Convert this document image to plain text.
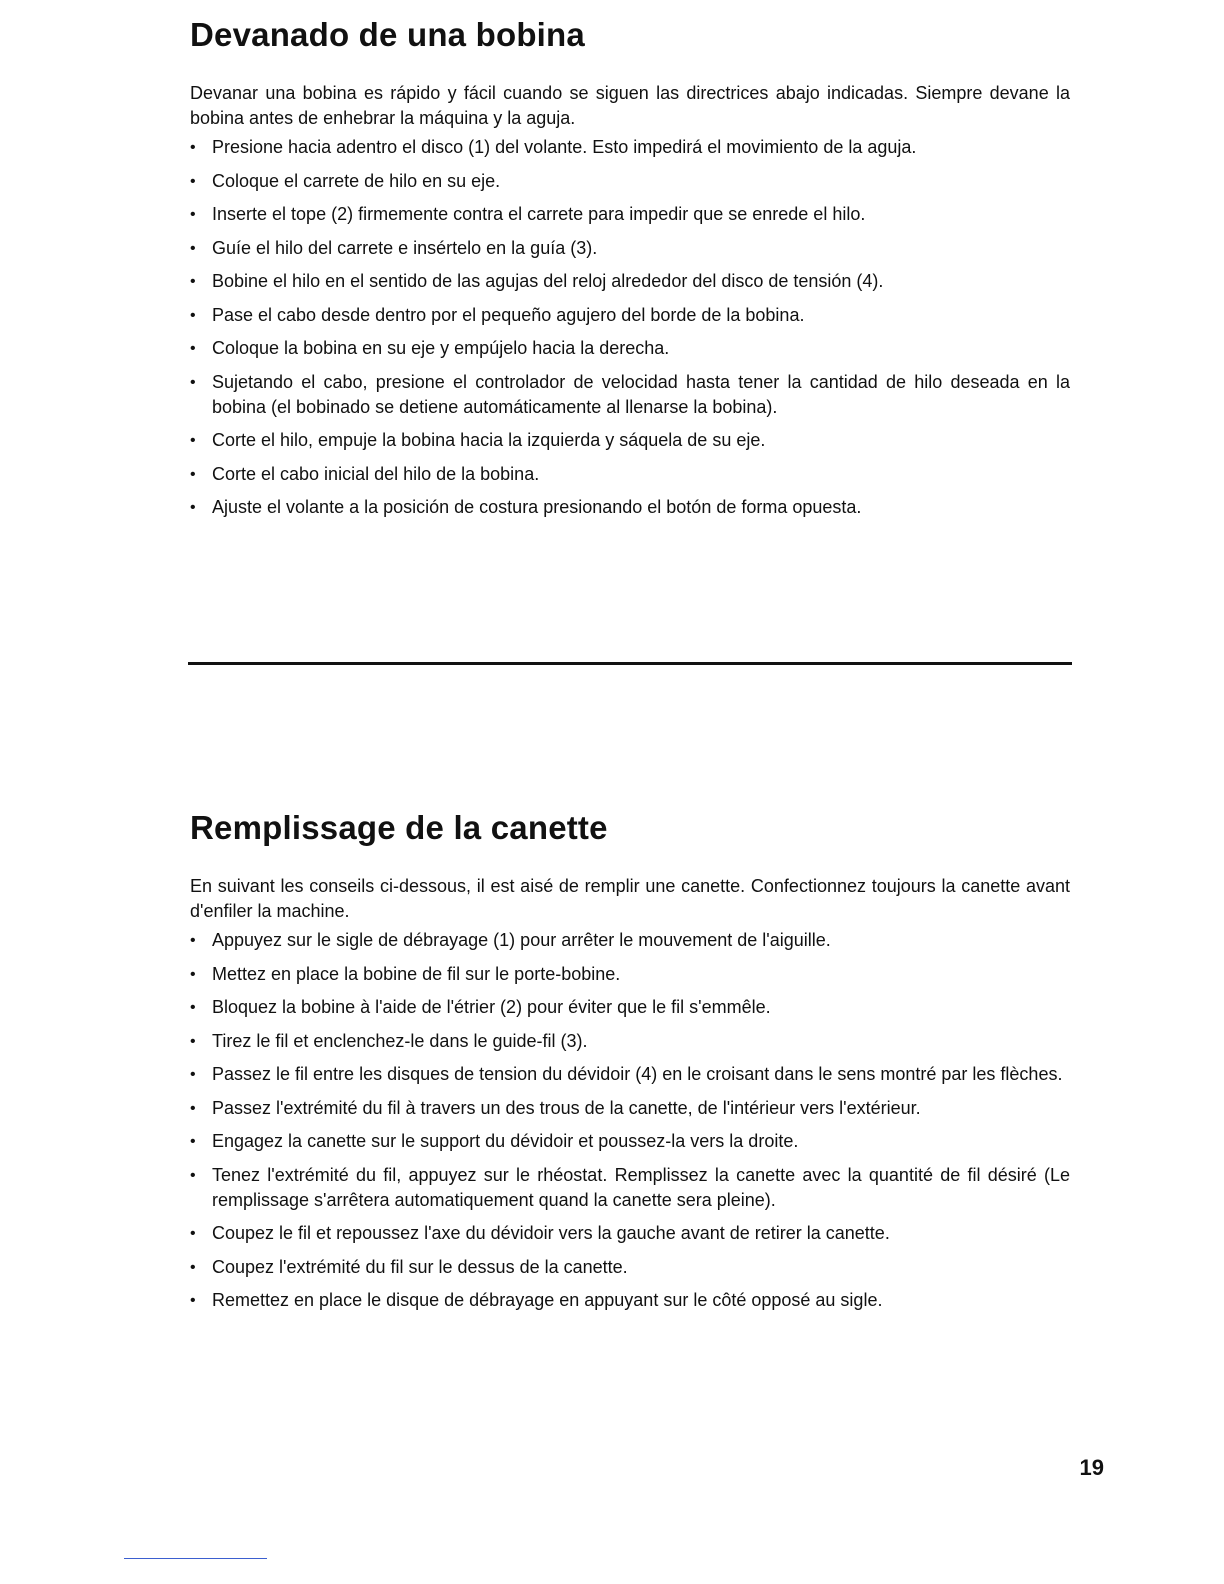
Devanado de una bobina

Devanar una bobina es rápido y fácil cuando se siguen las directrices abajo indicadas. Siempre devane la bobina antes de enhebrar la máquina y la aguja.

• Presione hacia adentro el disco (1) del volante. Esto impedirá el movimiento de la aguja.
• Coloque el carrete de hilo en su eje.
• Inserte el tope (2) firmemente contra el carrete para impedir que se enrede el hilo.
• Guíe el hilo del carrete e insértelo en la guía (3).
• Bobine el hilo en el sentido de las agujas del reloj alrededor del disco de tensión (4).
• Pase el cabo desde dentro por el pequeño agujero del borde de la bobina.
• Coloque la bobina en su eje y empújelo hacia la derecha.
• Sujetando el cabo, presione el controlador de velocidad hasta tener la cantidad de hilo deseada en la bobina (el bobinado se detiene automáticamente al llenarse la bobina).
• Corte el hilo, empuje la bobina hacia la izquierda y sáquela de su eje.
• Corte el cabo inicial del hilo de la bobina.
• Ajuste el volante a la posición de costura presionando el botón de forma opuesta.
Remplissage de la canette

En suivant les conseils ci-dessous, il est aisé de remplir une canette. Confectionnez toujours la canette avant d'enfiler la machine.

• Appuyez sur le sigle de débrayage (1) pour arrêter le mouvement de l'aiguille.
• Mettez en place la bobine de fil sur le porte-bobine.
• Bloquez la bobine à l'aide de l'étrier (2) pour éviter que le fil s'emmêle.
• Tirez le fil et enclenchez-le dans le guide-fil (3).
• Passez le fil entre les disques de tension du dévidoir (4) en le croisant dans le sens montré par les flèches.
• Passez l'extrémité du fil à travers un des trous de la canette, de l'intérieur vers l'extérieur.
• Engagez la canette sur le support du dévidoir et poussez-la vers la droite.
• Tenez l'extrémité du fil, appuyez sur le rhéostat. Remplissez la canette avec la quantité de fil désiré (Le remplissage s'arrêtera automatiquement quand la canette sera pleine).
• Coupez le fil et repoussez l'axe du dévidoir vers la gauche avant de retirer la canette.
• Coupez l'extrémité du fil sur le dessus de la canette.
• Remettez en place le disque de débrayage en appuyant sur le côté opposé au sigle.
19
